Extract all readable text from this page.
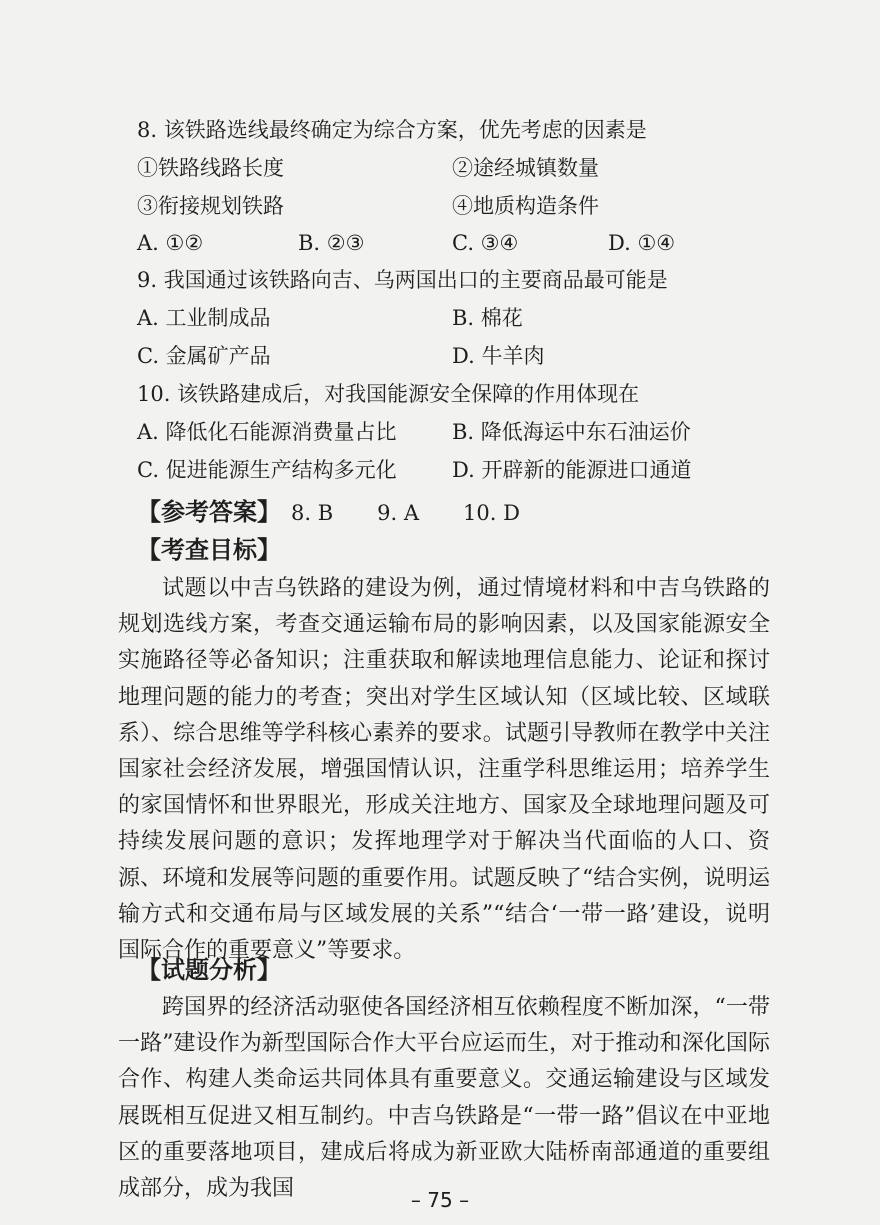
8. 该铁路选线最终确定为综合方案，优先考虑的因素是
①铁路线路长度	②途经城镇数量
③衔接规划铁路	④地质构造条件
A. ①②	B. ②③	C. ③④	D. ①④
9. 我国通过该铁路向吉、乌两国出口的主要商品最可能是
A. 工业制成品	B. 棉花
C. 金属矿产品	D. 牛羊肉
10. 该铁路建成后，对我国能源安全保障的作用体现在
A. 降低化石能源消费量占比	B. 降低海运中东石油运价
C. 促进能源生产结构多元化	D. 开辟新的能源进口通道
【参考答案】 8. B 9. A 10. D
【考查目标】

试题以中吉乌铁路的建设为例，通过情境材料和中吉乌铁路的规划选线方案，考查交通运输布局的影响因素，以及国家能源安全实施路径等必备知识；注重获取和解读地理信息能力、论证和探讨地理问题的能力的考查；突出对学生区域认知（区域比较、区域联系）、综合思维等学科核心素养的要求。试题引导教师在教学中关注国家社会经济发展，增强国情认识，注重学科思维运用；培养学生的家国情怀和世界眼光，形成关注地方、国家及全球地理问题及可持续发展问题的意识；发挥地理学对于解决当代面临的人口、资源、环境和发展等问题的重要作用。试题反映了“结合实例，说明运输方式和交通布局与区域发展的关系”“结合‘一带一路’建设，说明国际合作的重要意义”等要求。

【试题分析】

跨国界的经济活动驱使各国经济相互依赖程度不断加深，“一带一路”建设作为新型国际合作大平台应运而生，对于推动和深化国际合作、构建人类命运共同体具有重要意义。交通运输建设与区域发展既相互促进又相互制约。中吉乌铁路是“一带一路”倡议在中亚地区的重要落地项目，建成后将成为新亚欧大陆桥南部通道的重要组成部分，成为我国	– 75 –
